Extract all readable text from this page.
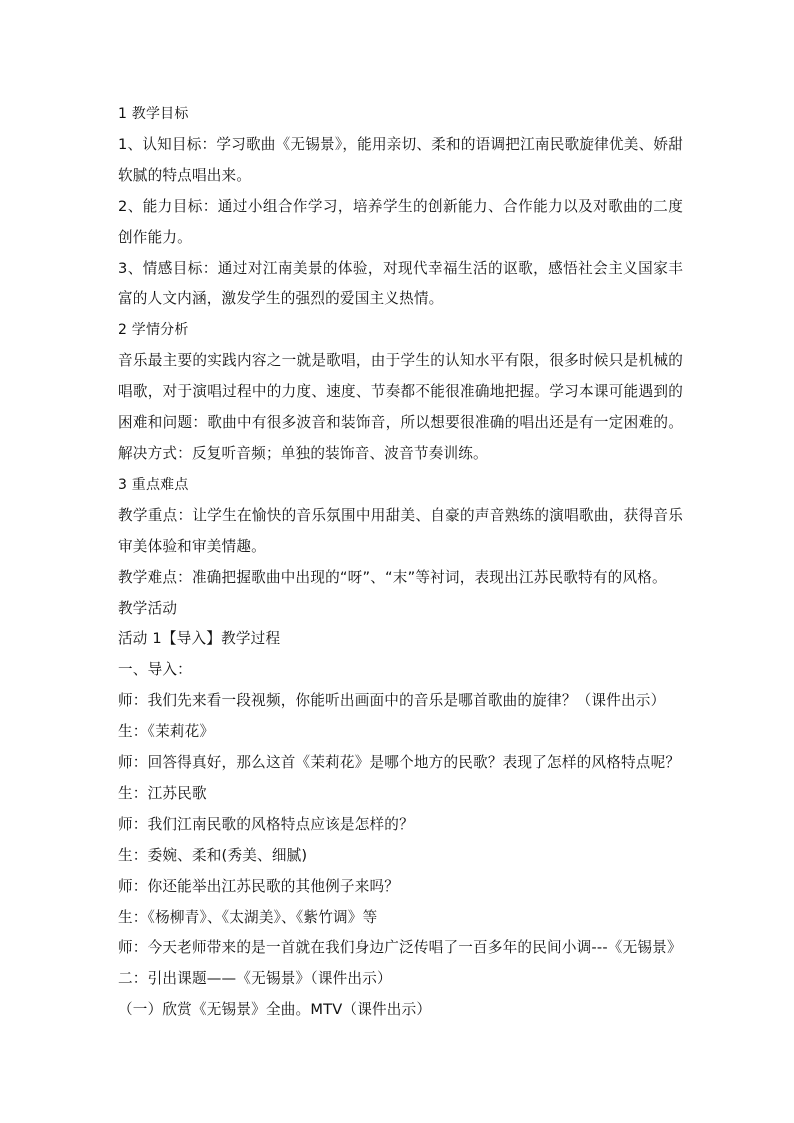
1 教学目标
1、认知目标：学习歌曲《无锡景》，能用亲切、柔和的语调把江南民歌旋律优美、娇甜软腻的特点唱出来。
2、能力目标：通过小组合作学习，培养学生的创新能力、合作能力以及对歌曲的二度创作能力。
3、情感目标：通过对江南美景的体验，对现代幸福生活的讴歌，感悟社会主义国家丰富的人文内涵，激发学生的强烈的爱国主义热情。
2 学情分析
音乐最主要的实践内容之一就是歌唱，由于学生的认知水平有限，很多时候只是机械的唱歌，对于演唱过程中的力度、速度、节奏都不能很准确地把握。学习本课可能遇到的困难和问题：歌曲中有很多波音和装饰音，所以想要很准确的唱出还是有一定困难的。解决方式：反复听音频；单独的装饰音、波音节奏训练。
3 重点难点
教学重点：让学生在愉快的音乐氛围中用甜美、自豪的声音熟练的演唱歌曲，获得音乐审美体验和审美情趣。
教学难点：准确把握歌曲中出现的“呀”、“末”等衬词，表现出江苏民歌特有的风格。
教学活动
活动 1【导入】教学过程
一、导入：
师：我们先来看一段视频，你能听出画面中的音乐是哪首歌曲的旋律？（课件出示）
生：《茉莉花》
师：回答得真好，那么这首《茉莉花》是哪个地方的民歌？表现了怎样的风格特点呢？
生：江苏民歌
师：我们江南民歌的风格特点应该是怎样的？
生：委婉、柔和(秀美、细腻)
师：你还能举出江苏民歌的其他例子来吗？
生：《杨柳青》、《太湖美》、《紫竹调》等
师：今天老师带来的是一首就在我们身边广泛传唱了一百多年的民间小调---《无锡景》
二：引出课题——《无锡景》（课件出示）
（一）欣赏《无锡景》全曲。MTV（课件出示）
